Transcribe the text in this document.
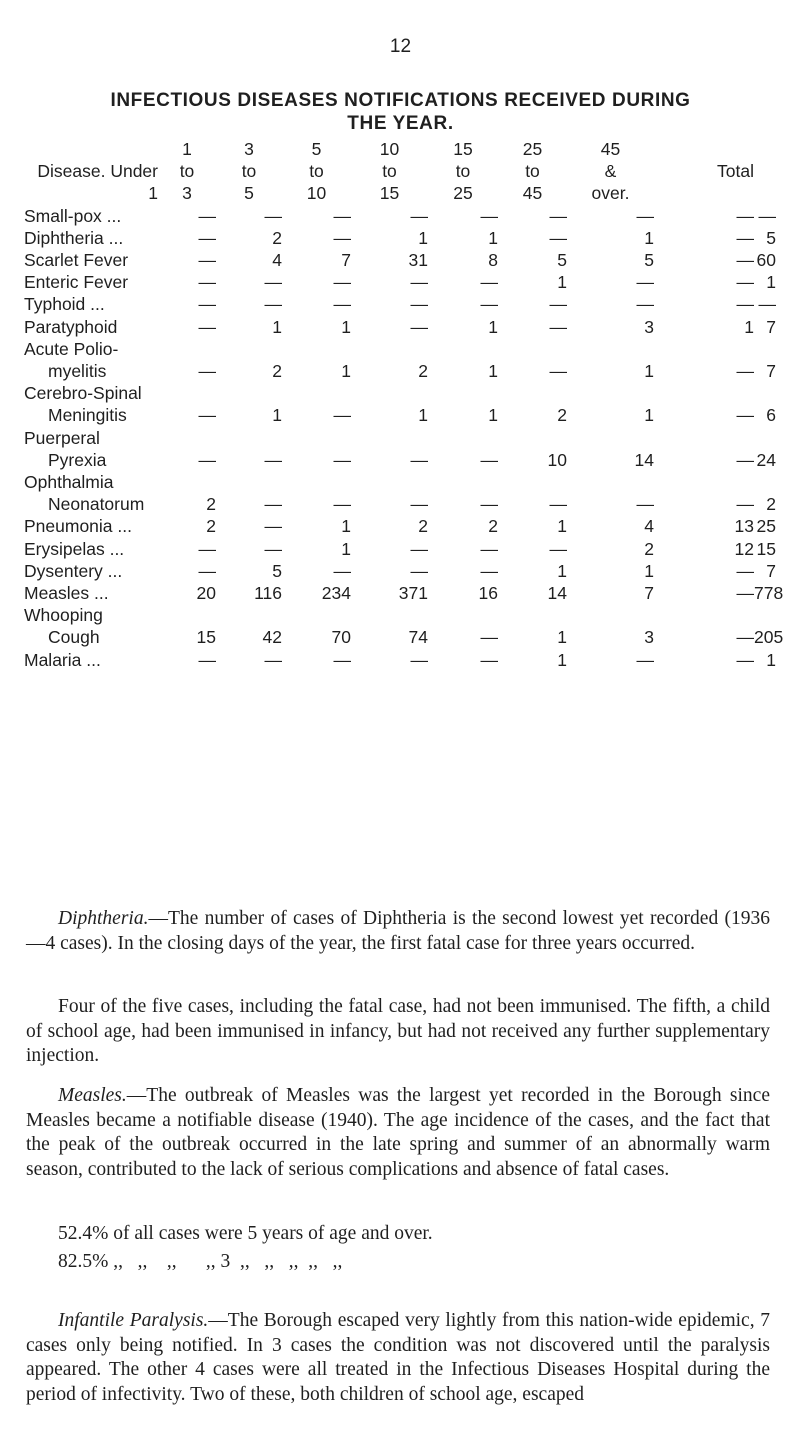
12
INFECTIOUS DISEASES NOTIFICATIONS RECEIVED DURING
THE YEAR.
	1	3	5	10	15	25	45		
Disease. Under	to	to	to	to	to	to	&	Total	
1	3	5	10	15	25	45	over.		
Small-pox ...	—	—	—	—	—	—	—	—	—
Diphtheria ...	—	2	—	1	1	—	1	—	5
Scarlet Fever	—	4	7	31	8	5	5	—	60
Enteric Fever	—	—	—	—	—	1	—	—	1
Typhoid ...	—	—	—	—	—	—	—	—	—
Paratyphoid	—	1	1	—	1	—	3	1	7
Acute Polio-									
myelitis	—	2	1	2	1	—	1	—	7
Cerebro-Spinal									
Meningitis	—	1	—	1	1	2	1	—	6
Puerperal									
Pyrexia	—	—	—	—	—	10	14	—	24
Ophthalmia									
Neonatorum	2	—	—	—	—	—	—	—	2
Pneumonia ...	2	—	1	2	2	1	4	13	25
Erysipelas ...	—	—	1	—	—	—	2	12	15
Dysentery ...	—	5	—	—	—	1	1	—	7
Measles ...	20	116	234	371	16	14	7	—	778
Whooping									
Cough	15	42	70	74	—	1	3	—	205
Malaria ...	—	—	—	—	—	1	—	—	1

Diphtheria.—The number of cases of Diphtheria is the second lowest yet recorded (1936—4 cases). In the closing days of the year, the first fatal case for three years occurred.

Four of the five cases, including the fatal case, had not been immunised. The fifth, a child of school age, had been immunised in infancy, but had not received any further supplementary injection.

Measles.—The outbreak of Measles was the largest yet recorded in the Borough since Measles became a notifiable disease (1940). The age incidence of the cases, and the fact that the peak of the outbreak occurred in the late spring and summer of an abnormally warm season, contributed to the lack of serious complications and absence of fatal cases.

52.4% of all cases were 5 years of age and over.
82.5% ,,   ,,    ,,      ,, 3  ,,   ,,   ,,  ,,   ,,

Infantile Paralysis.—The Borough escaped very lightly from this nation-wide epidemic, 7 cases only being notified. In 3 cases the condition was not discovered until the paralysis appeared. The other 4 cases were all treated in the Infectious Diseases Hospital during the period of infectivity. Two of these, both children of school age, escaped
